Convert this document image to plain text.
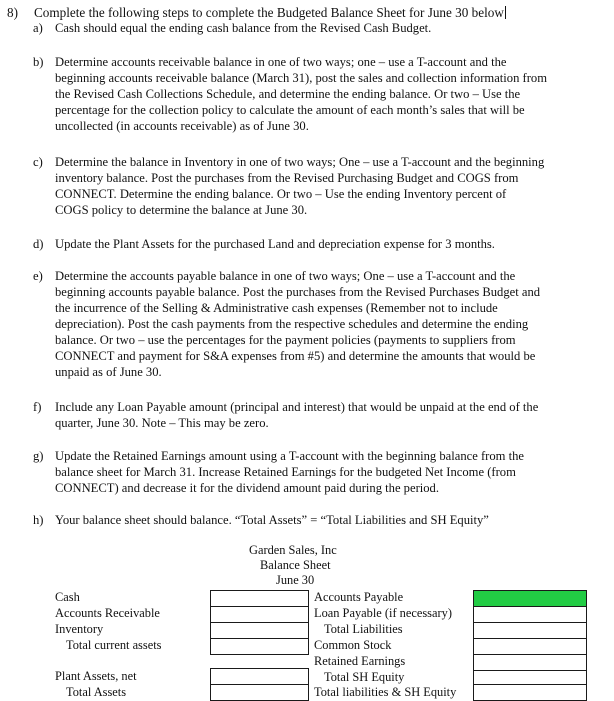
8) Complete the following steps to complete the Budgeted Balance Sheet for June 30 below
a) Cash should equal the ending cash balance from the Revised Cash Budget.
b) Determine accounts receivable balance in one of two ways; one – use a T-account and the
beginning accounts receivable balance (March 31), post the sales and collection information from
the Revised Cash Collections Schedule, and determine the ending balance. Or two – Use the
percentage for the collection policy to calculate the amount of each month’s sales that will be
uncollected (in accounts receivable) as of June 30.
c) Determine the balance in Inventory in one of two ways; One – use a T-account and the beginning
inventory balance. Post the purchases from the Revised Purchasing Budget and COGS from
CONNECT. Determine the ending balance. Or two – Use the ending Inventory percent of
COGS policy to determine the balance at June 30.
d) Update the Plant Assets for the purchased Land and depreciation expense for 3 months.
e) Determine the accounts payable balance in one of two ways; One – use a T-account and the
beginning accounts payable balance. Post the purchases from the Revised Purchases Budget and
the incurrence of the Selling & Administrative cash expenses (Remember not to include
depreciation). Post the cash payments from the respective schedules and determine the ending
balance. Or two – use the percentages for the payment policies (payments to suppliers from
CONNECT and payment for S&A expenses from #5) and determine the amounts that would be
unpaid as of June 30.
f) Include any Loan Payable amount (principal and interest) that would be unpaid at the end of the
quarter, June 30. Note – This may be zero.
g) Update the Retained Earnings amount using a T-account with the beginning balance from the
balance sheet for March 31. Increase Retained Earnings for the budgeted Net Income (from
CONNECT) and decrease it for the dividend amount paid during the period.
h) Your balance sheet should balance. “Total Assets” = “Total Liabilities and SH Equity”
Garden Sales, Inc
Balance Sheet
June 30
Cash
Accounts Receivable
Inventory
Total current assets
Plant Assets, net
Total Assets
Accounts Payable
Loan Payable (if necessary)
Total Liabilities
Common Stock
Retained Earnings
Total SH Equity
Total liabilities & SH Equity
